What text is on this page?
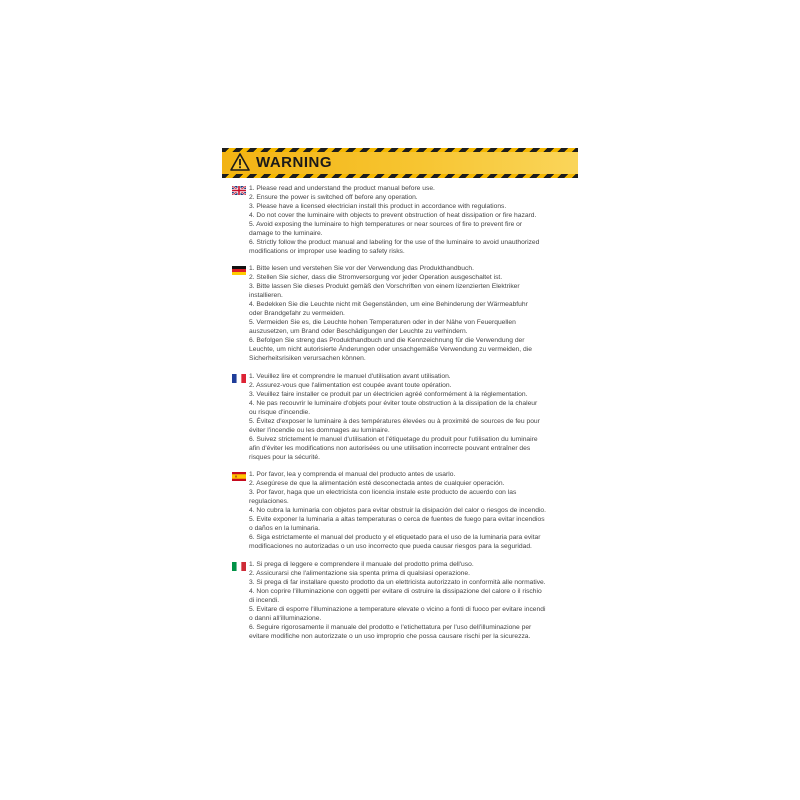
WARNING
1. Please read and understand the product manual before use.
2. Ensure the power is switched off before any operation.
3. Please have a licensed electrician install this product in accordance with regulations.
4. Do not cover the luminaire with objects to prevent obstruction of heat dissipation or fire hazard.
5. Avoid exposing the luminaire to high temperatures or near sources of fire to prevent fire or
damage to the luminaire.
6. Strictly follow the product manual and labeling for the use of the luminaire to avoid unauthorized
modifications or improper use leading to safety risks.
1. Bitte lesen und verstehen Sie vor der Verwendung das Produkthandbuch.
2. Stellen Sie sicher, dass die Stromversorgung vor jeder Operation ausgeschaltet ist.
3. Bitte lassen Sie dieses Produkt gemäß den Vorschriften von einem lizenzierten Elektriker
installieren.
4. Bedekken Sie die Leuchte nicht mit Gegenständen, um eine Behinderung der Wärmeabfuhr
oder Brandgefahr zu vermeiden.
5. Vermeiden Sie es, die Leuchte hohen Temperaturen oder in der Nähe von Feuerquellen
auszusetzen, um Brand oder Beschädigungen der Leuchte zu verhindern.
6. Befolgen Sie streng das Produkthandbuch und die Kennzeichnung für die Verwendung der
Leuchte, um nicht autorisierte Änderungen oder unsachgemäße Verwendung zu vermeiden, die
Sicherheitsrisiken verursachen können.
1. Veuillez lire et comprendre le manuel d'utilisation avant utilisation.
2. Assurez-vous que l'alimentation est coupée avant toute opération.
3. Veuillez faire installer ce produit par un électricien agréé conformément à la réglementation.
4. Ne pas recouvrir le luminaire d'objets pour éviter toute obstruction à la dissipation de la chaleur
ou risque d'incendie.
5. Évitez d'exposer le luminaire à des températures élevées ou à proximité de sources de feu pour
éviter l'incendie ou les dommages au luminaire.
6. Suivez strictement le manuel d'utilisation et l'étiquetage du produit pour l'utilisation du luminaire
afin d'éviter les modifications non autorisées ou une utilisation incorrecte pouvant entraîner des
risques pour la sécurité.
1. Por favor, lea y comprenda el manual del producto antes de usarlo.
2. Asegúrese de que la alimentación esté desconectada antes de cualquier operación.
3. Por favor, haga que un electricista con licencia instale este producto de acuerdo con las
regulaciones.
4. No cubra la luminaria con objetos para evitar obstruir la disipación del calor o riesgos de incendio.
5. Evite exponer la luminaria a altas temperaturas o cerca de fuentes de fuego para evitar incendios
o daños en la luminaria.
6. Siga estrictamente el manual del producto y el etiquetado para el uso de la luminaria para evitar
modificaciones no autorizadas o un uso incorrecto que pueda causar riesgos para la seguridad.
1. Si prega di leggere e comprendere il manuale del prodotto prima dell'uso.
2. Assicurarsi che l'alimentazione sia spenta prima di qualsiasi operazione.
3. Si prega di far installare questo prodotto da un elettricista autorizzato in conformità alle normative.
4. Non coprire l'illuminazione con oggetti per evitare di ostruire la dissipazione del calore o il rischio
di incendi.
5. Evitare di esporre l'illuminazione a temperature elevate o vicino a fonti di fuoco per evitare incendi
o danni all'illuminazione.
6. Seguire rigorosamente il manuale del prodotto e l'etichettatura per l'uso dell'illuminazione per
evitare modifiche non autorizzate o un uso improprio che possa causare rischi per la sicurezza.
